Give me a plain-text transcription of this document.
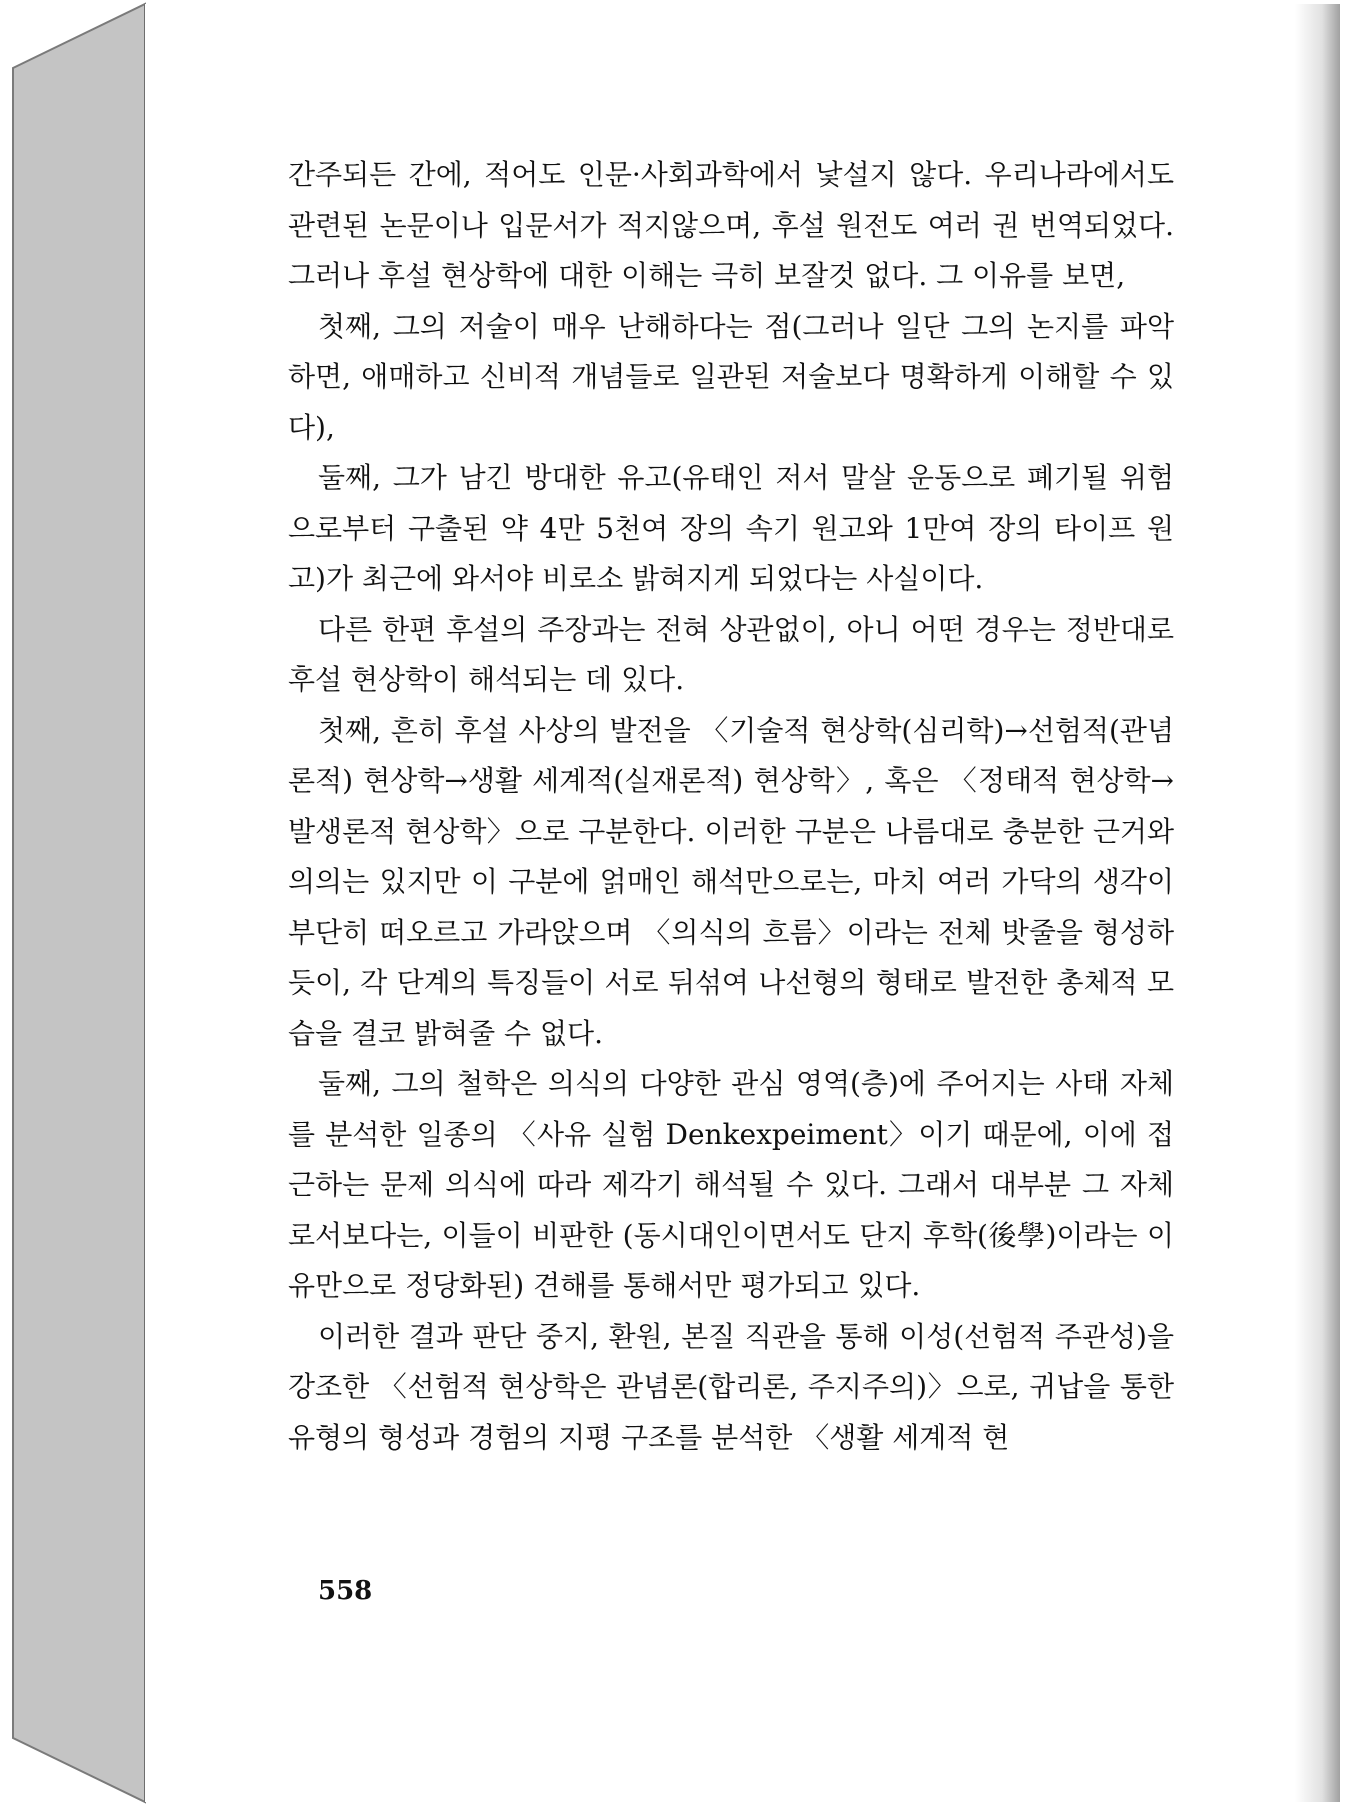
간주되든 간에, 적어도 인문·사회과학에서 낯설지 않다. 우리나라에서도 관련된 논문이나 입문서가 적지않으며, 후설 원전도 여러 권 번역되었다. 그러나 후설 현상학에 대한 이해는 극히 보잘것 없다. 그 이유를 보면,

첫째, 그의 저술이 매우 난해하다는 점(그러나 일단 그의 논지를 파악하면, 애매하고 신비적 개념들로 일관된 저술보다 명확하게 이해할 수 있다),

둘째, 그가 남긴 방대한 유고(유태인 저서 말살 운동으로 폐기될 위험으로부터 구출된 약 4만 5천여 장의 속기 원고와 1만여 장의 타이프 원고)가 최근에 와서야 비로소 밝혀지게 되었다는 사실이다.

다른 한편 후설의 주장과는 전혀 상관없이, 아니 어떤 경우는 정반대로 후설 현상학이 해석되는 데 있다.

첫째, 흔히 후설 사상의 발전을 〈기술적 현상학(심리학)→선험적(관념론적) 현상학→생활 세계적(실재론적) 현상학〉, 혹은 〈정태적 현상학→발생론적 현상학〉으로 구분한다. 이러한 구분은 나름대로 충분한 근거와 의의는 있지만 이 구분에 얽매인 해석만으로는, 마치 여러 가닥의 생각이 부단히 떠오르고 가라앉으며 〈의식의 흐름〉이라는 전체 밧줄을 형성하듯이, 각 단계의 특징들이 서로 뒤섞여 나선형의 형태로 발전한 총체적 모습을 결코 밝혀줄 수 없다.

둘째, 그의 철학은 의식의 다양한 관심 영역(층)에 주어지는 사태 자체를 분석한 일종의 〈사유 실험 Denkexpeiment〉이기 때문에, 이에 접근하는 문제 의식에 따라 제각기 해석될 수 있다. 그래서 대부분 그 자체로서보다는, 이들이 비판한 (동시대인이면서도 단지 후학(後學)이라는 이유만으로 정당화된) 견해를 통해서만 평가되고 있다.

이러한 결과 판단 중지, 환원, 본질 직관을 통해 이성(선험적 주관성)을 강조한 〈선험적 현상학은 관념론(합리론, 주지주의)〉으로, 귀납을 통한 유형의 형성과 경험의 지평 구조를 분석한 〈생활 세계적 현

558
